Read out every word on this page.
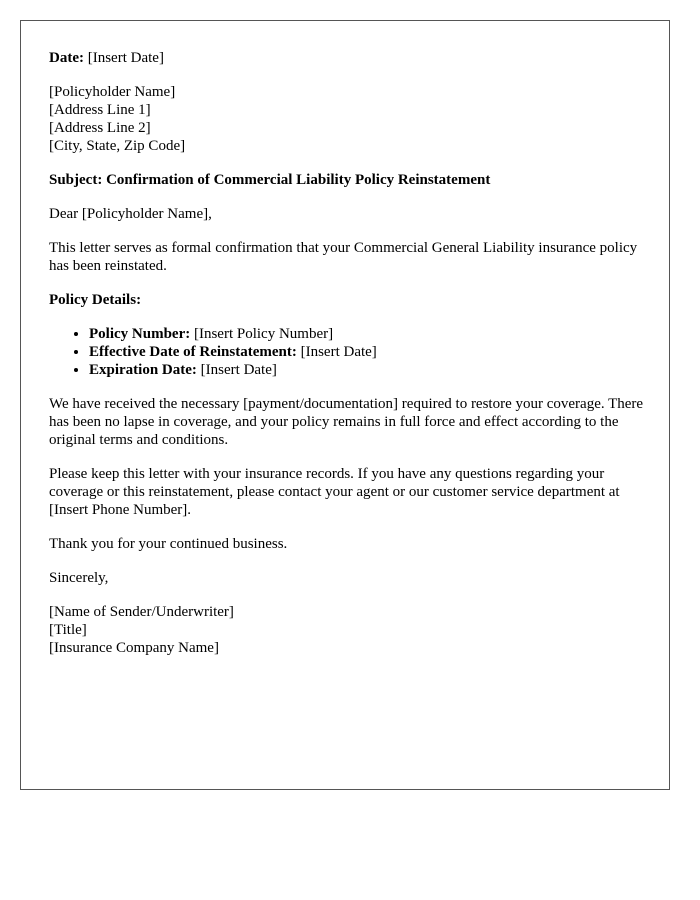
Date: [Insert Date]
[Policyholder Name]
[Address Line 1]
[Address Line 2]
[City, State, Zip Code]
Subject: Confirmation of Commercial Liability Policy Reinstatement
Dear [Policyholder Name],
This letter serves as formal confirmation that your Commercial General Liability insurance policy has been reinstated.
Policy Details:
• Policy Number: [Insert Policy Number]
• Effective Date of Reinstatement: [Insert Date]
• Expiration Date: [Insert Date]
We have received the necessary [payment/documentation] required to restore your coverage. There has been no lapse in coverage, and your policy remains in full force and effect according to the original terms and conditions.
Please keep this letter with your insurance records. If you have any questions regarding your coverage or this reinstatement, please contact your agent or our customer service department at [Insert Phone Number].
Thank you for your continued business.
Sincerely,
[Name of Sender/Underwriter]
[Title]
[Insurance Company Name]
